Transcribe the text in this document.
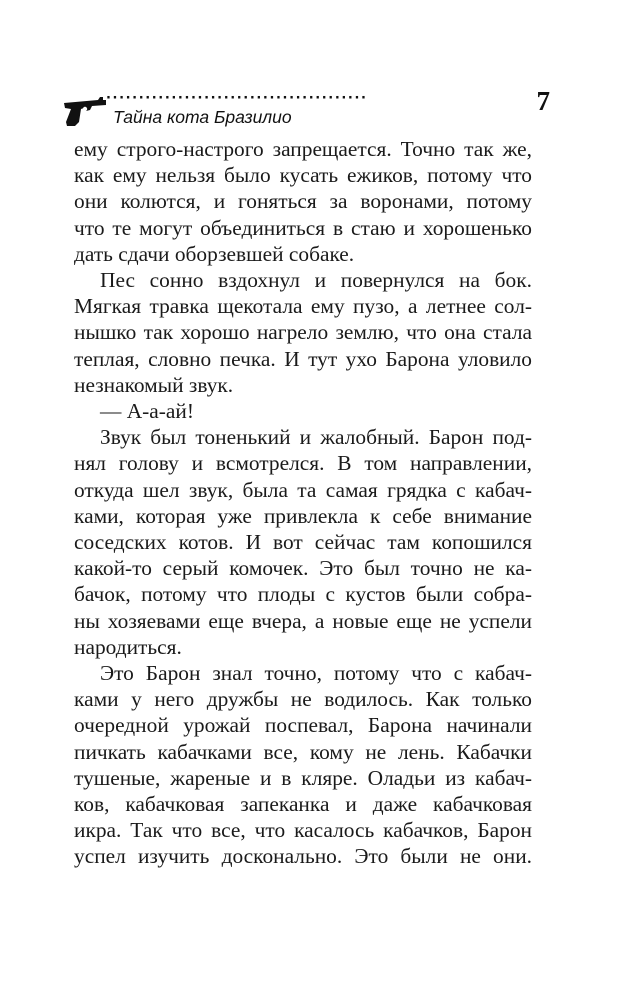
········································
Тайна кота Бразилио
7
ему строго-настрого запрещается. Точно так же,
как ему нельзя было кусать ежиков, потому что
они колются, и гоняться за воронами, потому
что те могут объединиться в стаю и хорошенько
дать сдачи оборзевшей собаке.
Пес сонно вздохнул и повернулся на бок.
Мягкая травка щекотала ему пузо, а летнее сол-
нышко так хорошо нагрело землю, что она стала
теплая, словно печка. И тут ухо Барона уловило
незнакомый звук.
— А-а-ай!
Звук был тоненький и жалобный. Барон под-
нял голову и всмотрелся. В том направлении,
откуда шел звук, была та самая грядка с кабач-
ками, которая уже привлекла к себе внимание
соседских котов. И вот сейчас там копошился
какой-то серый комочек. Это был точно не ка-
бачок, потому что плоды с кустов были собра-
ны хозяевами еще вчера, а новые еще не успели
народиться.
Это Барон знал точно, потому что с кабач-
ками у него дружбы не водилось. Как только
очередной урожай поспевал, Барона начинали
пичкать кабачками все, кому не лень. Кабачки
тушеные, жареные и в кляре. Оладьи из кабач-
ков, кабачковая запеканка и даже кабачковая
икра. Так что все, что касалось кабачков, Барон
успел изучить досконально. Это были не они.
